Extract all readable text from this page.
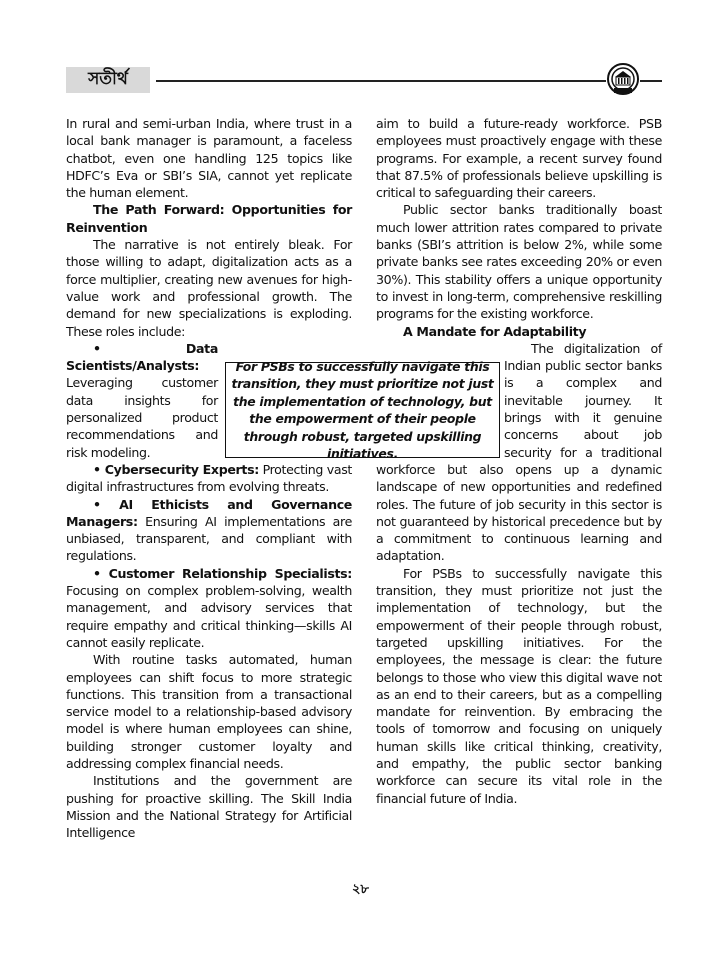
সতীর্থ

In rural and semi-urban India, where trust in a local bank manager is paramount, a faceless chatbot, even one handling 125 topics like HDFC’s Eva or SBI’s SIA, cannot yet replicate the human element.

The Path Forward: Opportunities for Reinvention

The narrative is not entirely bleak. For those willing to adapt, digitalization acts as a force multiplier, creating new avenues for high-value work and professional growth. The demand for new specializations is exploding. These roles include:

• Data Scientists/Analysts: Leveraging customer data insights for personalized product recommendations and risk modeling.

• Cybersecurity Experts: Protecting vast digital infrastructures from evolving threats.

• AI Ethicists and Governance Managers: Ensuring AI implementations are unbiased, transparent, and compliant with regulations.

• Customer Relationship Specialists: Focusing on complex problem-solving, wealth management, and advisory services that require empathy and critical thinking—skills AI cannot easily replicate.

With routine tasks automated, human employees can shift focus to more strategic functions. This transition from a transactional service model to a relationship-based advisory model is where human employees can shine, building stronger customer loyalty and addressing complex financial needs.

Institutions and the government are pushing for proactive skilling. The Skill India Mission and the National Strategy for Artificial Intelligence

aim to build a future-ready workforce. PSB employees must proactively engage with these programs. For example, a recent survey found that 87.5% of professionals believe upskilling is critical to safeguarding their careers.

Public sector banks traditionally boast much lower attrition rates compared to private banks (SBI’s attrition is below 2%, while some private banks see rates exceeding 20% or even 30%). This stability offers a unique opportunity to invest in long-term, comprehensive reskilling programs for the existing workforce.

A Mandate for Adaptability

The digitalization of Indian public sector banks is a complex and inevitable journey. It brings with it genuine concerns about job security for a traditional workforce but also opens up a dynamic landscape of new opportunities and redefined roles. The future of job security in this sector is not guaranteed by historical precedence but by a commitment to continuous learning and adaptation.

For PSBs to successfully navigate this transition, they must prioritize not just the implementation of technology, but the empowerment of their people through robust, targeted upskilling initiatives. For the employees, the message is clear: the future belongs to those who view this digital wave not as an end to their careers, but as a compelling mandate for reinvention. By embracing the tools of tomorrow and focusing on uniquely human skills like critical thinking, creativity, and empathy, the public sector banking workforce can secure its vital role in the financial future of India.

For PSBs to successfully navigate this transition, they must prioritize not just the implementation of technology, but the empowerment of their people through robust, targeted upskilling initiatives.
২৮
